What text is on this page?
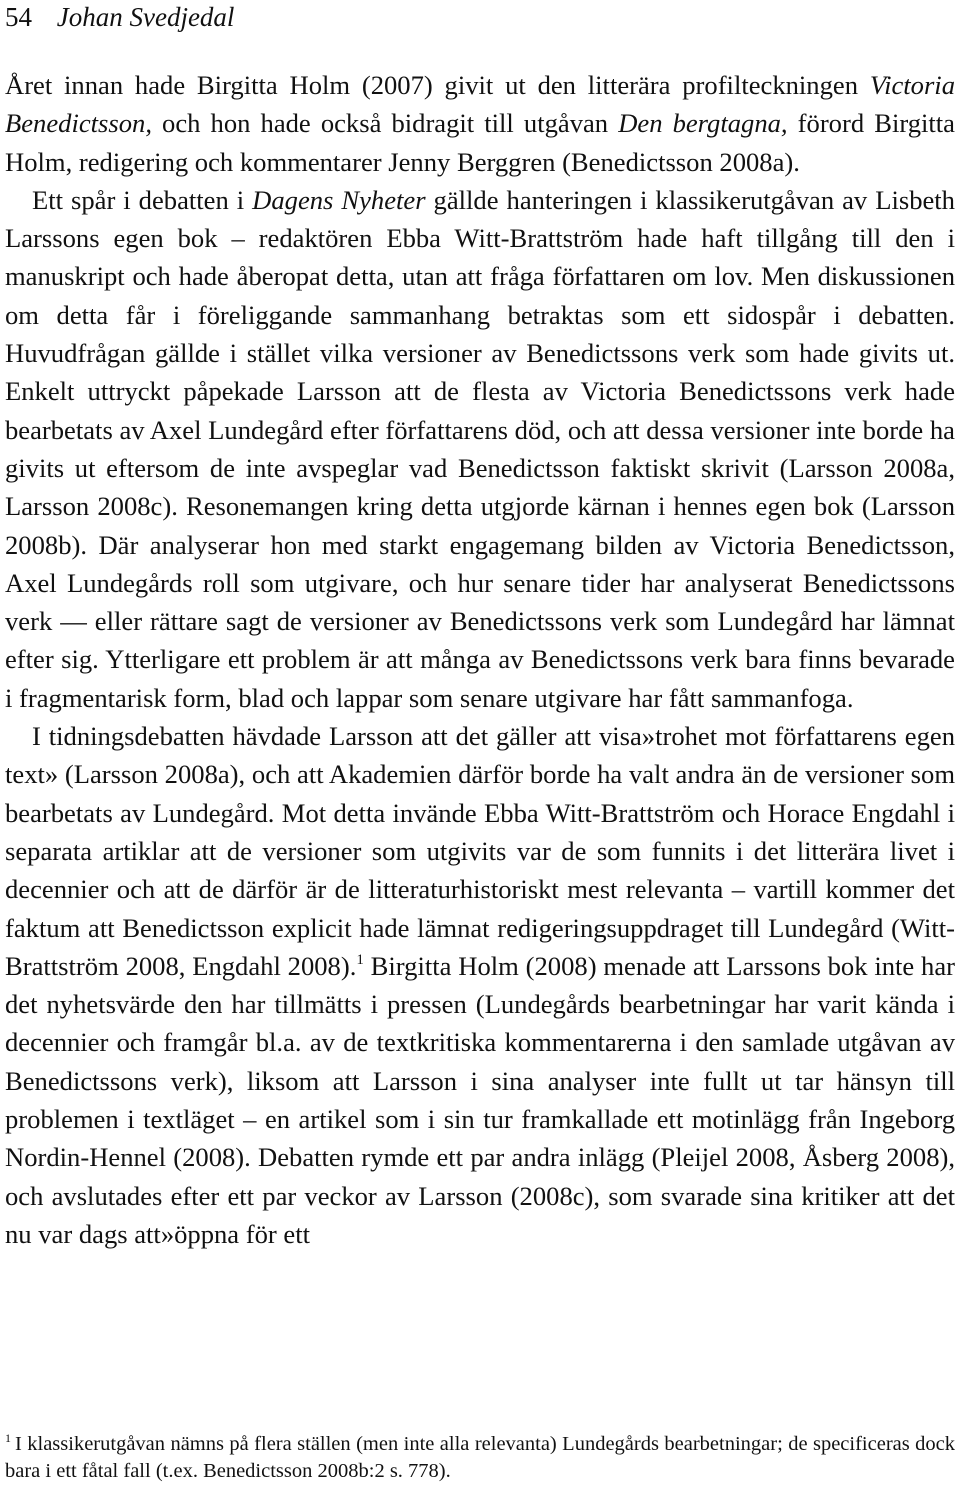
54 Johan Svedjedal

Året innan hade Birgitta Holm (2007) givit ut den litterära profilteckningen Victoria Benedictsson, och hon hade också bidragit till utgåvan Den bergtagna, förord Birgitta Holm, redigering och kommentarer Jenny Berggren (Benedictsson 2008a).

Ett spår i debatten i Dagens Nyheter gällde hanteringen i klassikerutgåvan av Lisbeth Larssons egen bok – redaktören Ebba Witt-Brattström hade haft tillgång till den i manuskript och hade åberopat detta, utan att fråga författaren om lov. Men diskussionen om detta får i föreliggande sammanhang betraktas som ett sidospår i debatten. Huvudfrågan gällde i stället vilka versioner av Benedictssons verk som hade givits ut. Enkelt uttryckt påpekade Larsson att de flesta av Victoria Benedictssons verk hade bearbetats av Axel Lundegård efter författarens död, och att dessa versioner inte borde ha givits ut eftersom de inte avspeglar vad Benedictsson faktiskt skrivit (Larsson 2008a, Larsson 2008c). Resonemangen kring detta utgjorde kärnan i hennes egen bok (Larsson 2008b). Där analyserar hon med starkt engagemang bilden av Victoria Benedictsson, Axel Lundegårds roll som utgivare, och hur senare tider har analyserat Benedictssons verk — eller rättare sagt de versioner av Benedictssons verk som Lundegård har lämnat efter sig. Ytterligare ett problem är att många av Benedictssons verk bara finns bevarade i fragmentarisk form, blad och lappar som senare utgivare har fått sammanfoga.

I tidningsdebatten hävdade Larsson att det gäller att visa»trohet mot författarens egen text» (Larsson 2008a), och att Akademien därför borde ha valt andra än de versioner som bearbetats av Lundegård. Mot detta invände Ebba Witt-Brattström och Horace Engdahl i separata artiklar att de versioner som utgivits var de som funnits i det litterära livet i decennier och att de därför är de litteraturhistoriskt mest relevanta – vartill kommer det faktum att Benedictsson explicit hade lämnat redigeringsuppdraget till Lundegård (Witt-Brattström 2008, Engdahl 2008).$^1$ Birgitta Holm (2008) menade att Larssons bok inte har det nyhetsvärde den har tillmätts i pressen (Lundegårds bearbetningar har varit kända i decennier och framgår bl.a. av de textkritiska kommentarerna i den samlade utgåvan av Benedictssons verk), liksom att Larsson i sina analyser inte fullt ut tar hänsyn till problemen i textläget – en artikel som i sin tur framkallade ett motinlägg från Ingeborg Nordin-Hennel (2008). Debatten rymde ett par andra inlägg (Pleijel 2008, Åsberg 2008), och avslutades efter ett par veckor av Larsson (2008c), som svarade sina kritiker att det nu var dags att»öppna för ett

$^1$ I klassikerutgåvan nämns på flera ställen (men inte alla relevanta) Lundegårds bearbetningar; de specificeras dock bara i ett fåtal fall (t.ex. Benedictsson 2008b:2 s. 778).
